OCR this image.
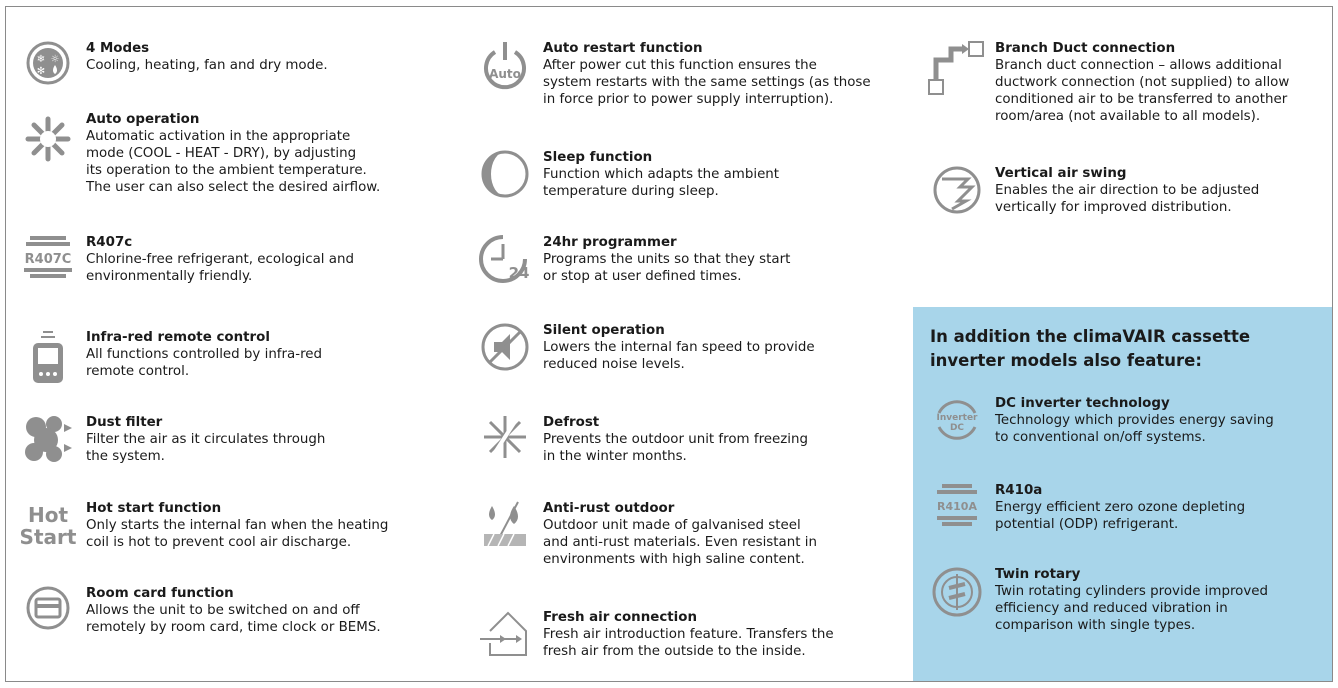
❄ ☼
✻
4 Modes
Cooling, heating, fan and dry mode.
Auto operation
Automatic activation in the appropriate
mode (COOL - HEAT - DRY), by adjusting
its operation to the ambient temperature.
The user can also select the desired airflow.
R407C
R407c
Chlorine-free refrigerant, ecological and
environmentally friendly.
Infra-red remote control
All functions controlled by infra-red
remote control.
Dust filter
Filter the air as it circulates through
the system.
Hot
Start
Hot start function
Only starts the internal fan when the heating
coil is hot to prevent cool air discharge.
Room card function
Allows the unit to be switched on and off
remotely by room card, time clock or BEMS.
Auto
Auto restart function
After power cut this function ensures the
system restarts with the same settings (as those
in force prior to power supply interruption).
Sleep function
Function which adapts the ambient
temperature during sleep.
24
24hr programmer
Programs the units so that they start
or stop at user defined times.
Silent operation
Lowers the internal fan speed to provide
reduced noise levels.
Defrost
Prevents the outdoor unit from freezing
in the winter months.
Anti-rust outdoor
Outdoor unit made of galvanised steel
and anti-rust materials. Even resistant in
environments with high saline content.
Fresh air connection
Fresh air introduction feature. Transfers the
fresh air from the outside to the inside.
Branch Duct connection
Branch duct connection – allows additional
ductwork connection (not supplied) to allow
conditioned air to be transferred to another
room/area (not available to all models).
Vertical air swing
Enables the air direction to be adjusted
vertically for improved distribution.
In addition the climaVAIR cassette
inverter models also feature:
Inverter
DC
DC inverter technology
Technology which provides energy saving
to conventional on/off systems.
R410A
R410a
Energy efficient zero ozone depleting
potential (ODP) refrigerant.
Twin rotary
Twin rotating cylinders provide improved
efficiency and reduced vibration in
comparison with single types.
